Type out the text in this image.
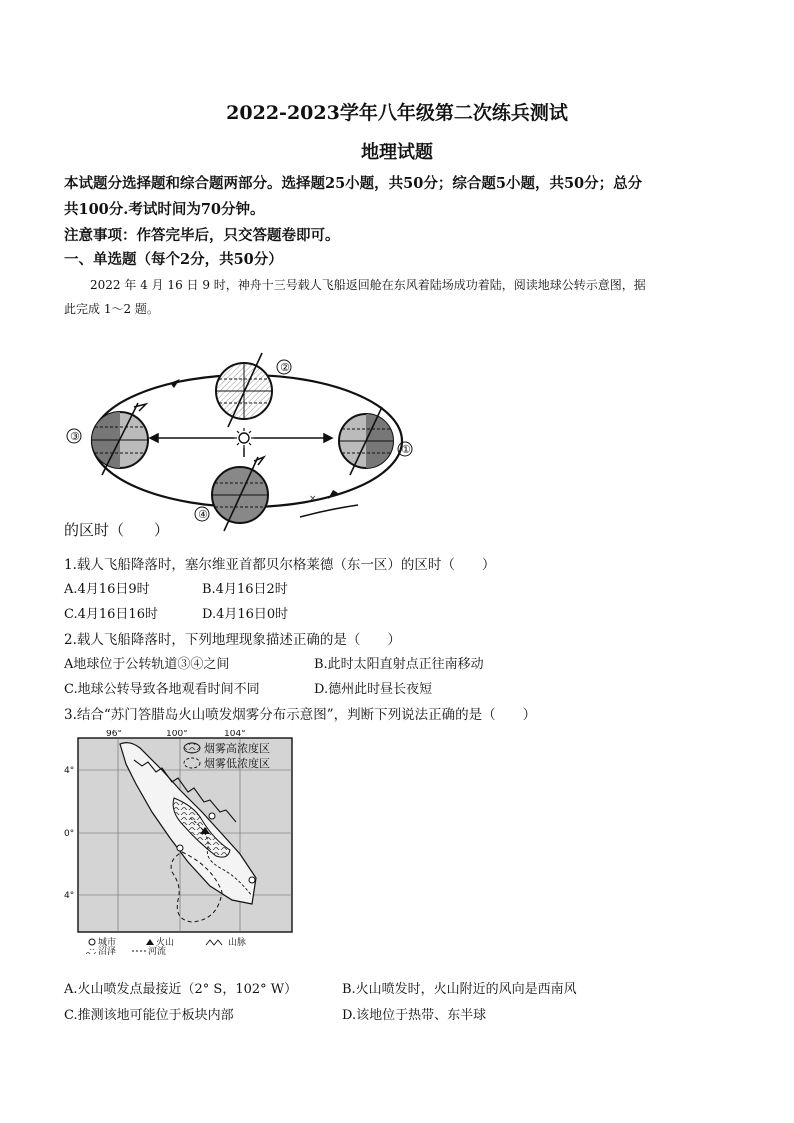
2022-2023学年八年级第二次练兵测试
地理试题
本试题分选择题和综合题两部分。选择题25小题，共50分；综合题5小题，共50分；总分
共100分.考试时间为70分钟。
注意事项：作答完毕后，只交答题卷即可。
一、单选题（每个2分，共50分）
2022 年 4 月 16 日 9 时，神舟十三号载人飞船返回舱在东风着陆场成功着陆，阅读地球公转示意图，据
此完成 1～2 题。
×
②
③
①
④
的区时（　　）
1.载人飞船降落时，塞尔维亚首都贝尔格莱德（东一区）的区时（　　）
A.4月16日9时	B.4月16日2时
C.4月16日16时	D.4月16日0时
2.载人飞船降落时，下列地理现象描述正确的是（　　）
A地球位于公转轨道③④之间	B.此时太阳直射点正往南移动
C.地球公转导致各地观看时间不同	D.德州此时昼长夜短
3.结合“苏门答腊岛火山喷发烟雾分布示意图”，判断下列说法正确的是（　　）
96°	100°	104°
4°
0°
4°
烟雾高浓度区
烟雾低浓度区
城市	火山	山脉
沼泽	河流
A.火山喷发点最接近（2° S，102° W）	B.火山喷发时，火山附近的风向是西南风
C.推测该地可能位于板块内部	D.该地位于热带、东半球
